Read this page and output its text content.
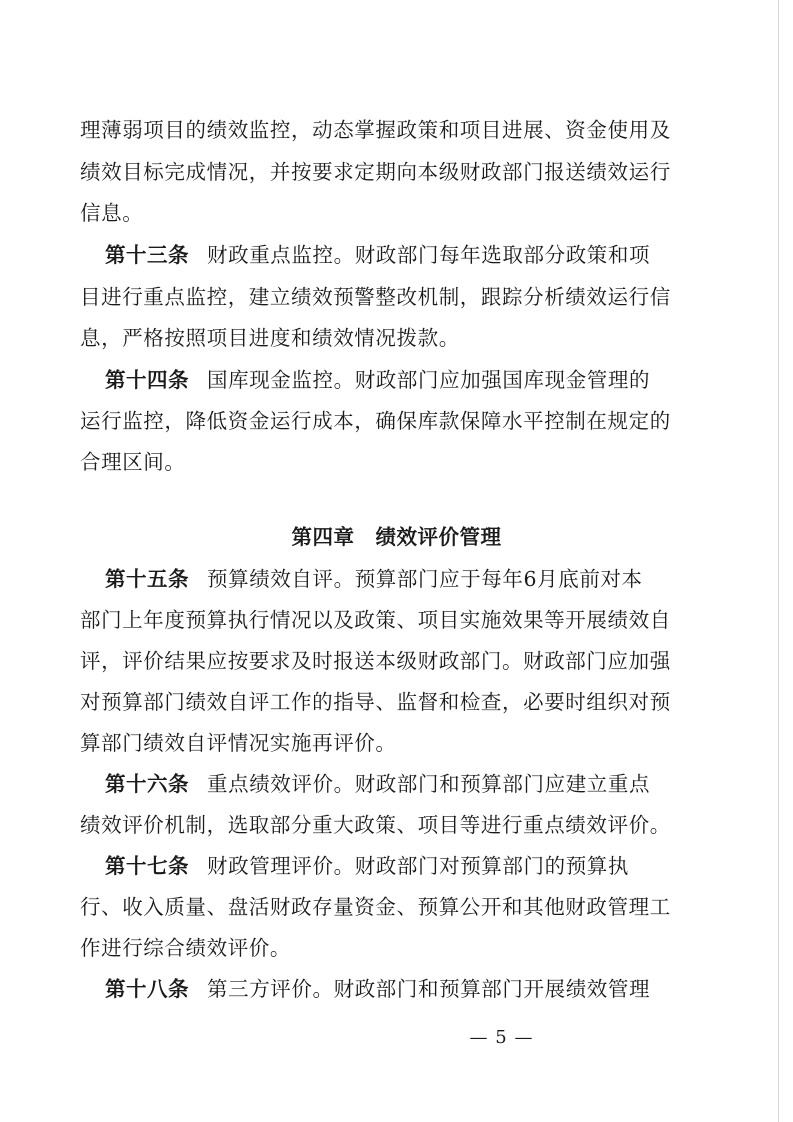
理薄弱项目的绩效监控，动态掌握政策和项目进展、资金使用及
绩效目标完成情况，并按要求定期向本级财政部门报送绩效运行
信息。
第十三条 财政重点监控。财政部门每年选取部分政策和项
目进行重点监控，建立绩效预警整改机制，跟踪分析绩效运行信
息，严格按照项目进度和绩效情况拨款。
第十四条 国库现金监控。财政部门应加强国库现金管理的
运行监控，降低资金运行成本，确保库款保障水平控制在规定的
合理区间。
第四章　绩效评价管理
第十五条 预算绩效自评。预算部门应于每年6月底前对本
部门上年度预算执行情况以及政策、项目实施效果等开展绩效自
评，评价结果应按要求及时报送本级财政部门。财政部门应加强
对预算部门绩效自评工作的指导、监督和检查，必要时组织对预
算部门绩效自评情况实施再评价。
第十六条 重点绩效评价。财政部门和预算部门应建立重点
绩效评价机制，选取部分重大政策、项目等进行重点绩效评价。
第十七条 财政管理评价。财政部门对预算部门的预算执
行、收入质量、盘活财政存量资金、预算公开和其他财政管理工
作进行综合绩效评价。
第十八条 第三方评价。财政部门和预算部门开展绩效管理
— 5 —
